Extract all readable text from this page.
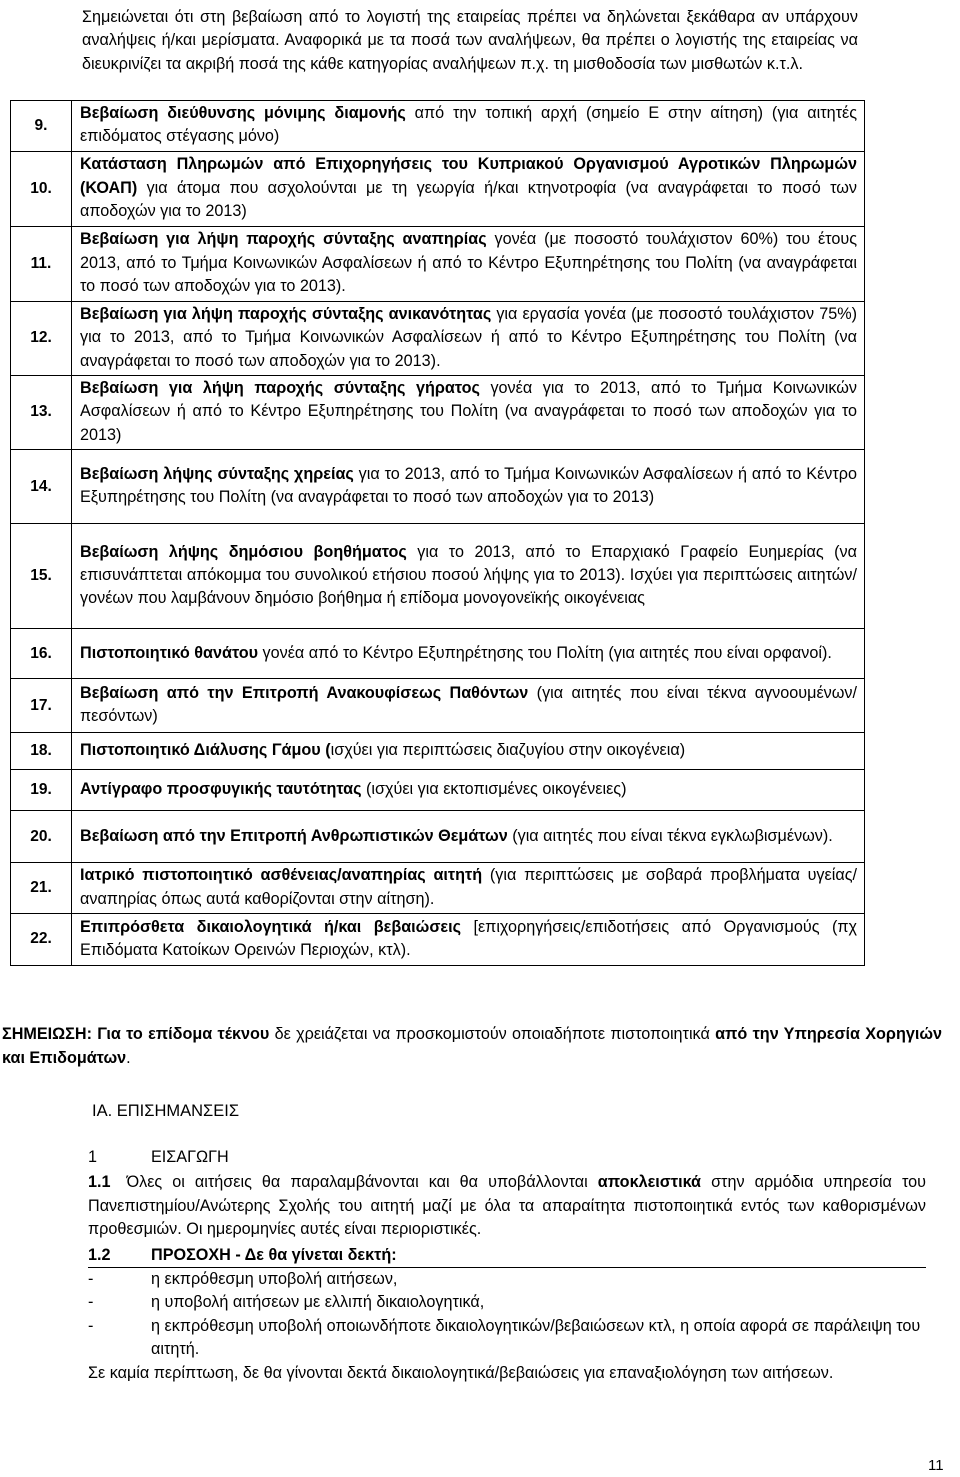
Σημειώνεται ότι στη βεβαίωση από το λογιστή της εταιρείας πρέπει να δηλώνεται ξεκάθαρα αν υπάρχουν αναλήψεις ή/και μερίσματα. Αναφορικά με τα ποσά των αναλήψεων, θα πρέπει ο λογιστής της εταιρείας να διευκρινίζει τα ακριβή ποσά της κάθε κατηγορίας αναλήψεων π.χ. τη μισθοδοσία των μισθωτών κ.τ.λ.
9.	Βεβαίωση διεύθυνσης μόνιμης διαμονής από την τοπική αρχή (σημείο Ε στην αίτηση) (για αιτητές επιδόματος στέγασης μόνο)
10.	Κατάσταση Πληρωμών από Επιχορηγήσεις του Κυπριακού Οργανισμού Αγροτικών Πληρωμών (ΚΟΑΠ) για άτομα που ασχολούνται με τη γεωργία ή/και κτηνοτροφία (να αναγράφεται το ποσό των αποδοχών για το 2013)
11.	Βεβαίωση για λήψη παροχής σύνταξης αναπηρίας γονέα (με ποσοστό τουλάχιστον 60%) του έτους 2013, από το Τμήμα Κοινωνικών Ασφαλίσεων ή από το Κέντρο Εξυπηρέτησης του Πολίτη (να αναγράφεται το ποσό των αποδοχών για το 2013).
12.	Βεβαίωση για λήψη παροχής σύνταξης ανικανότητας για εργασία γονέα (με ποσοστό τουλάχιστον 75%) για το 2013, από το Τμήμα Κοινωνικών Ασφαλίσεων ή από το Κέντρο Εξυπηρέτησης του Πολίτη (να αναγράφεται το ποσό των αποδοχών για το 2013).
13.	Βεβαίωση για λήψη παροχής σύνταξης γήρατος γονέα για το 2013, από το Τμήμα Κοινωνικών Ασφαλίσεων ή από το Κέντρο Εξυπηρέτησης του Πολίτη (να αναγράφεται το ποσό των αποδοχών για το 2013)
14.	Βεβαίωση λήψης σύνταξης χηρείας για το 2013, από το Τμήμα Κοινωνικών Ασφαλίσεων ή από το Κέντρο Εξυπηρέτησης του Πολίτη (να αναγράφεται το ποσό των αποδοχών για το 2013)
15.	Βεβαίωση λήψης δημόσιου βοηθήματος για το 2013, από το Επαρχιακό Γραφείο Ευημερίας (να επισυνάπτεται απόκομμα του συνολικού ετήσιου ποσού λήψης για το 2013). Ισχύει για περιπτώσεις αιτητών/γονέων που λαμβάνουν δημόσιο βοήθημα ή επίδομα μονογονεϊκής οικογένειας
16.	Πιστοποιητικό θανάτου γονέα από το Κέντρο Εξυπηρέτησης του Πολίτη (για αιτητές που είναι ορφανοί).
17.	Βεβαίωση από την Επιτροπή Ανακουφίσεως Παθόντων (για αιτητές που είναι τέκνα αγνοουμένων/πεσόντων)
18.	Πιστοποιητικό Διάλυσης Γάμου (ισχύει για περιπτώσεις διαζυγίου στην οικογένεια)
19.	Αντίγραφο προσφυγικής ταυτότητας (ισχύει για εκτοπισμένες οικογένειες)
20.	Βεβαίωση από την Επιτροπή Ανθρωπιστικών Θεμάτων (για αιτητές που είναι τέκνα εγκλωβισμένων).
21.	Ιατρικό πιστοποιητικό ασθένειας/αναπηρίας αιτητή (για περιπτώσεις με σοβαρά προβλήματα υγείας/αναπηρίας όπως αυτά καθορίζονται στην αίτηση).
22.	Επιπρόσθετα δικαιολογητικά ή/και βεβαιώσεις [επιχορηγήσεις/επιδοτήσεις από Οργανισμούς (πχ Επιδόματα Κατοίκων Ορεινών Περιοχών, κτλ).
ΣΗΜΕΙΩΣΗ: Για το επίδομα τέκνου δε χρειάζεται να προσκομιστούν οποιαδήποτε πιστοποιητικά από την Υπηρεσία Χορηγιών και Επιδομάτων.
ΙΑ. ΕΠΙΣΗΜΑΝΣΕΙΣ
1	ΕΙΣΑΓΩΓΗ
1.1 Όλες οι αιτήσεις θα παραλαμβάνονται και θα υποβάλλονται αποκλειστικά στην αρμόδια υπηρεσία του Πανεπιστημίου/Ανώτερης Σχολής του αιτητή μαζί με όλα τα απαραίτητα πιστοποιητικά εντός των καθορισμένων προθεσμιών. Οι ημερομηνίες αυτές είναι περιοριστικές.
1.2 ΠΡΟΣΟΧΗ - Δε θα γίνεται δεκτή:
-	η εκπρόθεσμη υποβολή αιτήσεων,
-	η υποβολή αιτήσεων με ελλιπή δικαιολογητικά,
-	η εκπρόθεσμη υποβολή οποιωνδήποτε δικαιολογητικών/βεβαιώσεων κτλ, η οποία αφορά σε παράλειψη του αιτητή.
Σε καμία περίπτωση, δε θα γίνονται δεκτά δικαιολογητικά/βεβαιώσεις για επαναξιολόγηση των αιτήσεων.
11
